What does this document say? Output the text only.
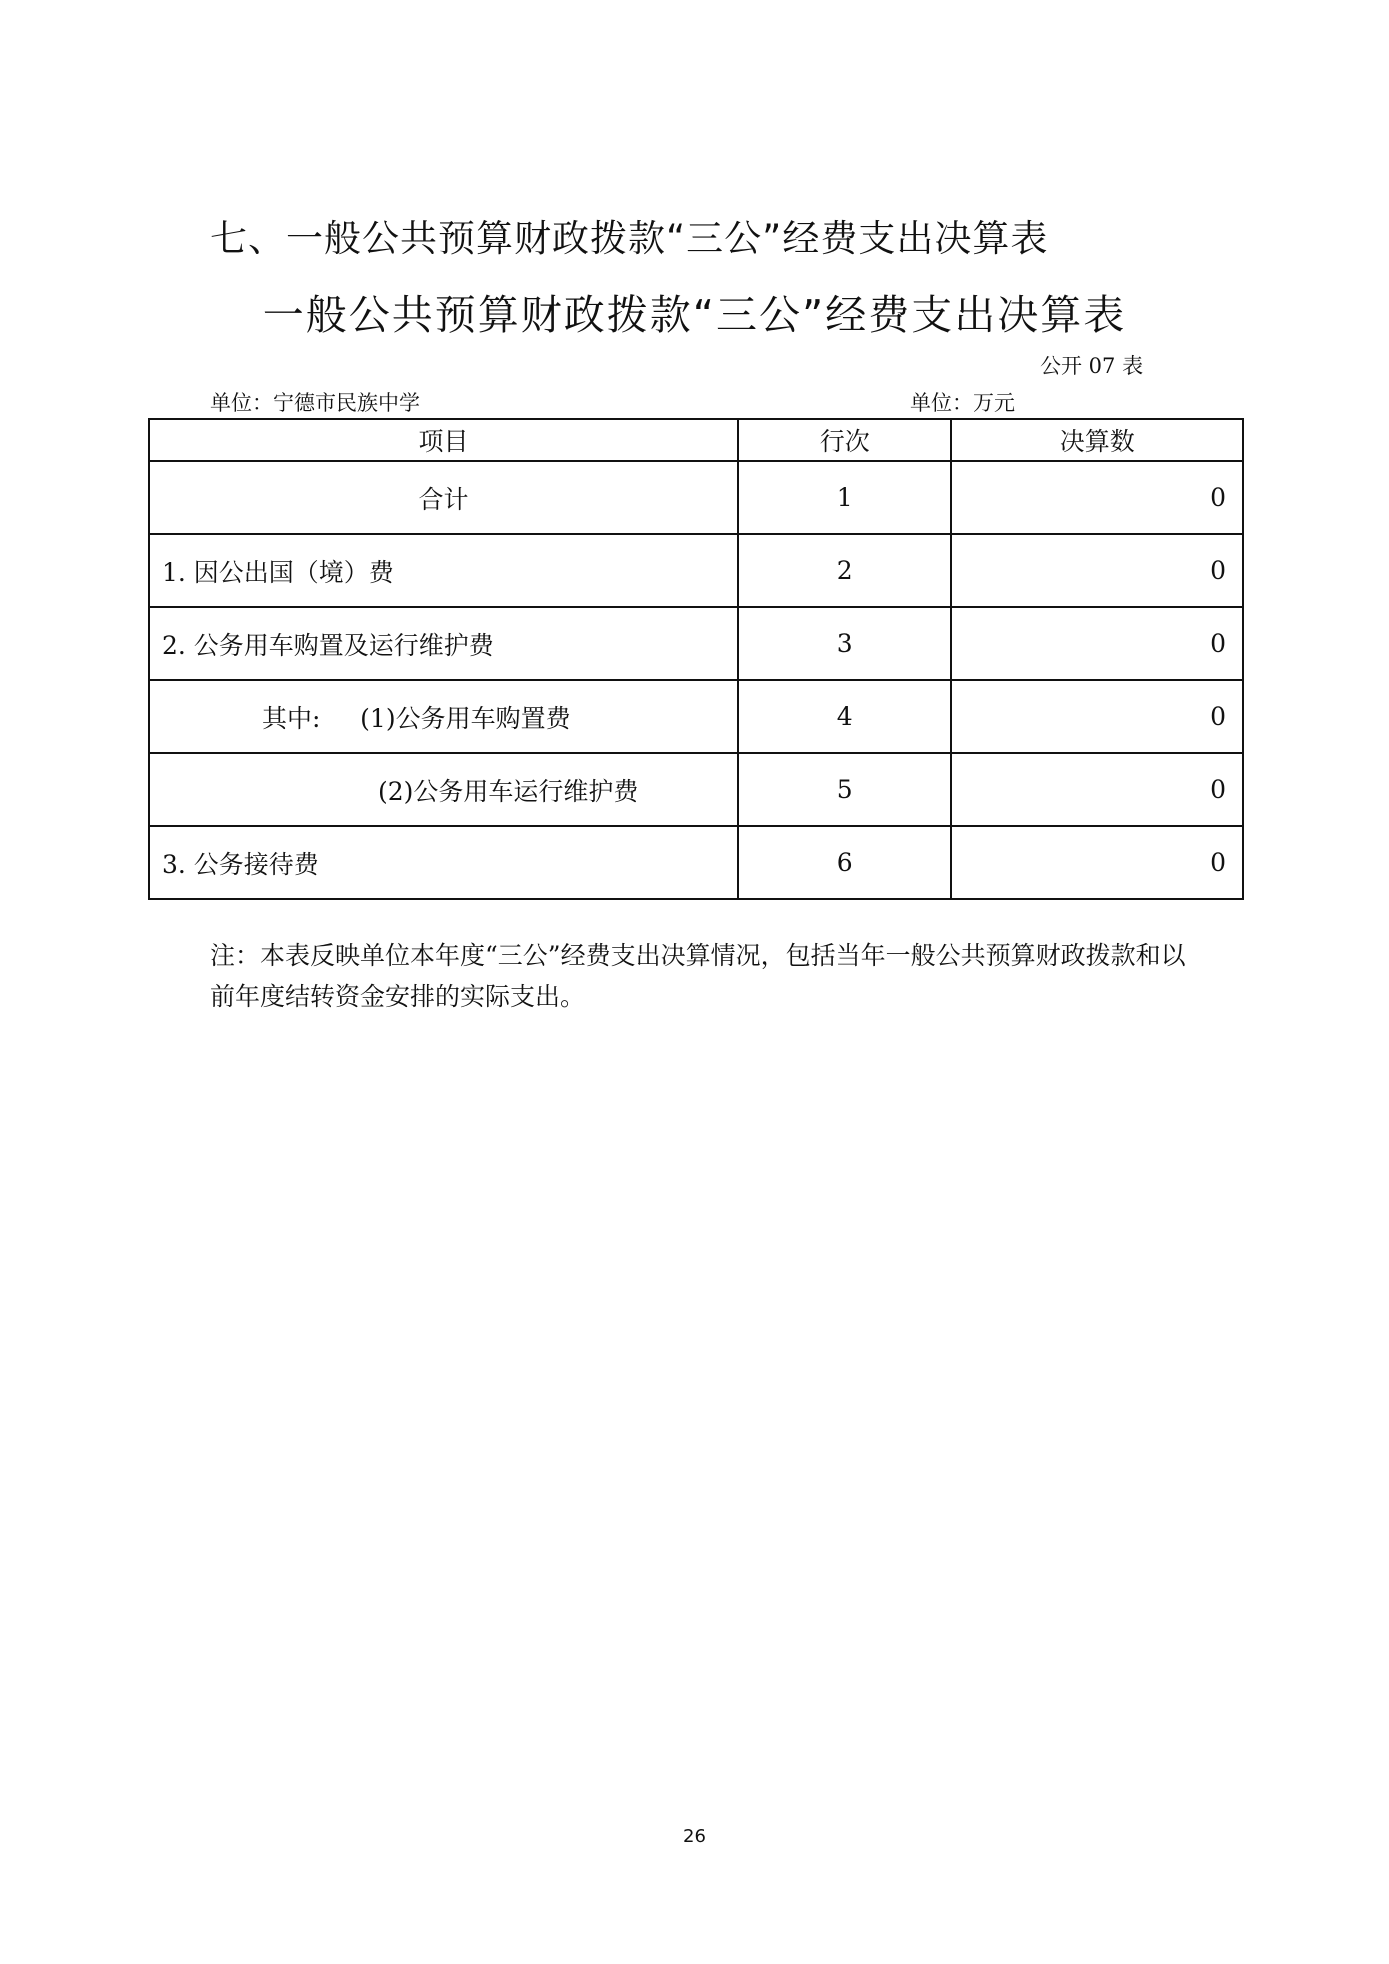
七、一般公共预算财政拨款“三公”经费支出决算表
一般公共预算财政拨款“三公”经费支出决算表
公开 07 表
单位：宁德市民族中学	单位：万元
项目	行次	决算数
合计	1	0
1. 因公出国（境）费	2	0
2. 公务用车购置及运行维护费	3	0
其中:     (1)公务用车购置费	4	0
(2)公务用车运行维护费	5	0
3. 公务接待费	6	0
注：本表反映单位本年度“三公”经费支出决算情况，包括当年一般公共预算财政拨款和以前年度结转资金安排的实际支出。
26
